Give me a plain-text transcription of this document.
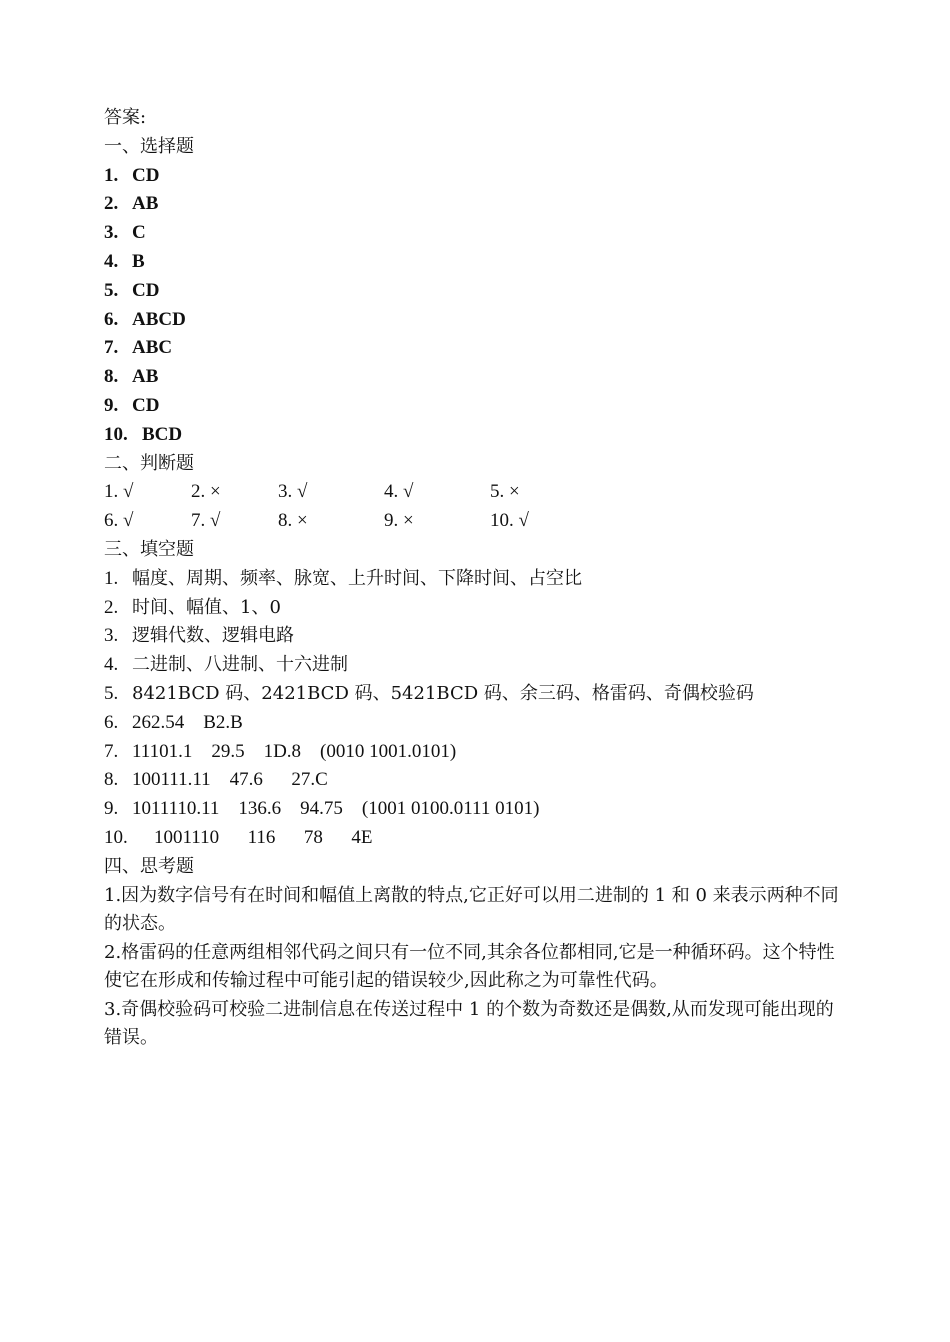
答案:
一、选择题
1. CD
2. AB
3. C
4. B
5. CD
6. ABCD
7. ABC
8. AB
9. CD
10. BCD
二、判断题
1. √	2. ×	3. √	4. √	5. ×
6. √	7. √	8. ×	9. ×	10. √
三、填空题
1. 幅度、周期、频率、脉宽、上升时间、下降时间、占空比
2. 时间、幅值、1、0
3. 逻辑代数、逻辑电路
4. 二进制、八进制、十六进制
5. 8421BCD 码、2421BCD 码、5421BCD 码、余三码、格雷码、奇偶校验码
6. 262.54    B2.B
7. 11101.1    29.5    1D.8    (0010 1001.0101)
8. 100111.11    47.6      27.C
9. 1011110.11    136.6    94.75    (1001 0100.0111 0101)
10. 1001110      116      78      4E
四、思考题
1.因为数字信号有在时间和幅值上离散的特点,它正好可以用二进制的 1 和 0 来表示两种不同的状态。
2.格雷码的任意两组相邻代码之间只有一位不同,其余各位都相同,它是一种循环码。这个特性使它在形成和传输过程中可能引起的错误较少,因此称之为可靠性代码。
3.奇偶校验码可校验二进制信息在传送过程中 1 的个数为奇数还是偶数,从而发现可能出现的错误。
